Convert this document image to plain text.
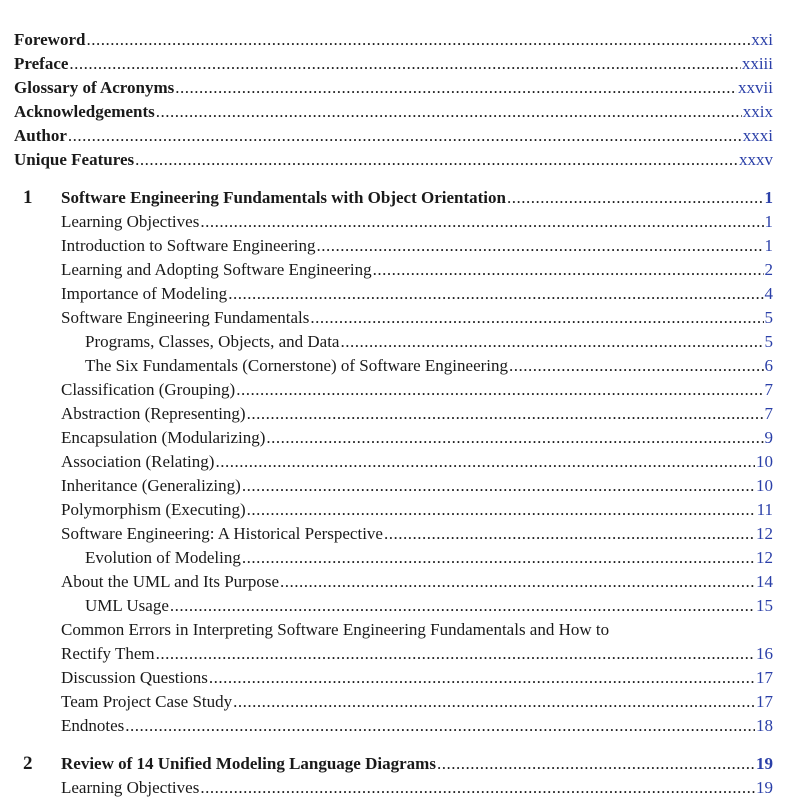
Foreword .....	xxi
Preface .....	xxiii
Glossary of Acronyms .....	xxvii
Acknowledgements .....	xxix
Author .....	xxxi
Unique Features .....	xxxv
1	Software Engineering Fundamentals with Object Orientation .....	1
Learning Objectives .....	1
Introduction to Software Engineering .....	1
Learning and Adopting Software Engineering .....	2
Importance of Modeling .....	4
Software Engineering Fundamentals .....	5
Programs, Classes, Objects, and Data .....	5
The Six Fundamentals (Cornerstone) of Software Engineering .....	6
Classification (Grouping) .....	7
Abstraction (Representing) .....	7
Encapsulation (Modularizing) .....	9
Association (Relating) .....	10
Inheritance (Generalizing) .....	10
Polymorphism (Executing) .....	11
Software Engineering: A Historical Perspective .....	12
Evolution of Modeling .....	12
About the UML and Its Purpose .....	14
UML Usage .....	15
Common Errors in Interpreting Software Engineering Fundamentals and How to
Rectify Them .....	16
Discussion Questions .....	17
Team Project Case Study .....	17
Endnotes .....	18
2	Review of 14 Unified Modeling Language Diagrams .....	19
Learning Objectives .....	19
